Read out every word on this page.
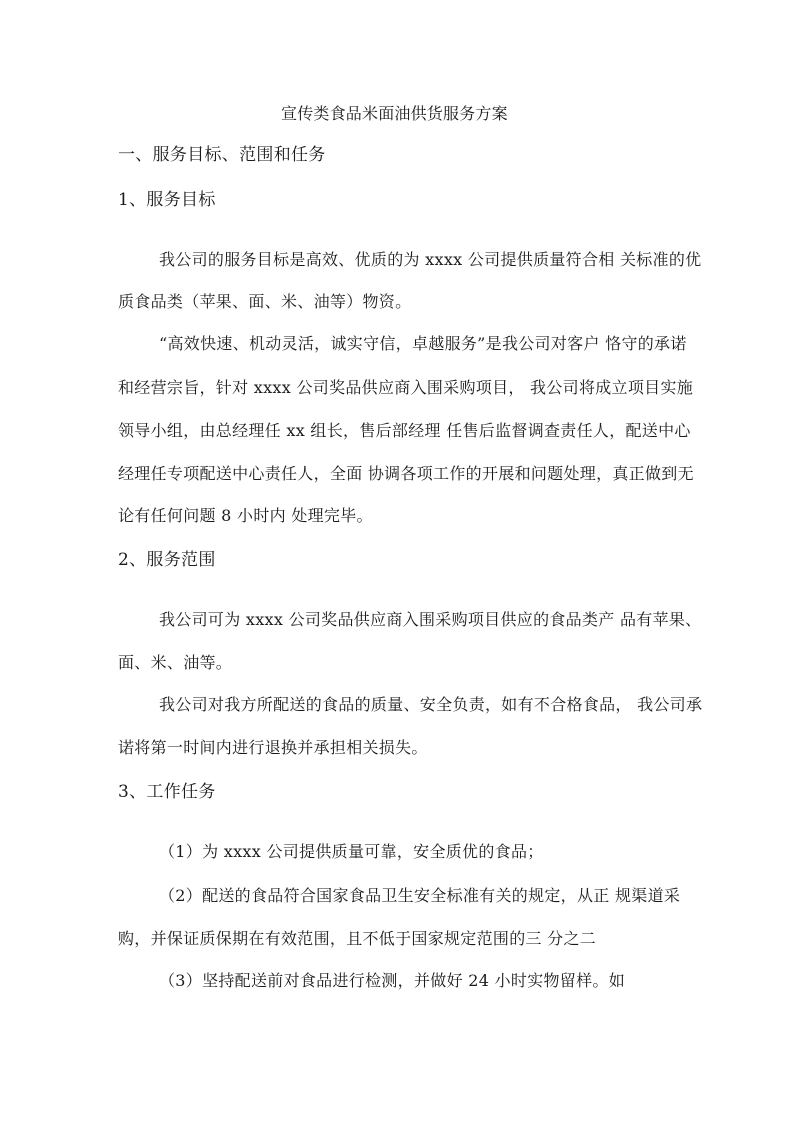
宣传类食品米面油供货服务方案
一、服务目标、范围和任务
1、服务目标
我公司的服务目标是高效、优质的为 xxxx 公司提供质量符合相 关标准的优
质食品类（苹果、面、米、油等）物资。
“高效快速、机动灵活，诚实守信，卓越服务”是我公司对客户 恪守的承诺
和经营宗旨，针对 xxxx 公司奖品供应商入围采购项目， 我公司将成立项目实施
领导小组，由总经理任 xx 组长，售后部经理 任售后监督调查责任人，配送中心
经理任专项配送中心责任人，全面 协调各项工作的开展和问题处理，真正做到无
论有任何问题 8 小时内 处理完毕。
2、服务范围
我公司可为 xxxx 公司奖品供应商入围采购项目供应的食品类产 品有苹果、
面、米、油等。
我公司对我方所配送的食品的质量、安全负责，如有不合格食品， 我公司承
诺将第一时间内进行退换并承担相关损失。
3、工作任务
（1）为 xxxx 公司提供质量可靠，安全质优的食品；
（2）配送的食品符合国家食品卫生安全标准有关的规定，从正 规渠道采
购，并保证质保期在有效范围，且不低于国家规定范围的三 分之二
（3）坚持配送前对食品进行检测，并做好 24 小时实物留样。如
